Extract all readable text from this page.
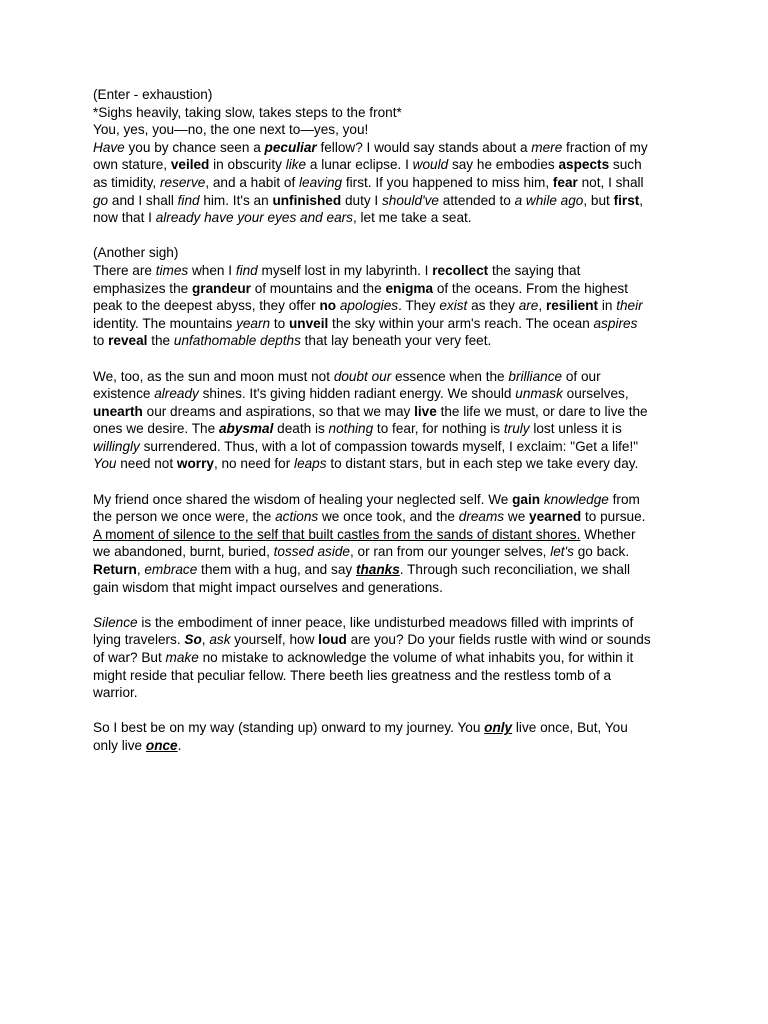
(Enter - exhaustion)
*Sighs heavily, taking slow, takes steps to the front*
You, yes, you—no, the one next to—yes, you!
Have you by chance seen a peculiar fellow? I would say stands about a mere fraction of my
own stature, veiled in obscurity like a lunar eclipse. I would say he embodies aspects such
as timidity, reserve, and a habit of leaving first. If you happened to miss him, fear not, I shall
go and I shall find him. It's an unfinished duty I should've attended to a while ago, but first,
now that I already have your eyes and ears, let me take a seat.
(Another sigh)
There are times when I find myself lost in my labyrinth. I recollect the saying that
emphasizes the grandeur of mountains and the enigma of the oceans. From the highest
peak to the deepest abyss, they offer no apologies. They exist as they are, resilient in their
identity. The mountains yearn to unveil the sky within your arm's reach. The ocean aspires
to reveal the unfathomable depths that lay beneath your very feet.
We, too, as the sun and moon must not doubt our essence when the brilliance of our
existence already shines. It's giving hidden radiant energy. We should unmask ourselves,
unearth our dreams and aspirations, so that we may live the life we must, or dare to live the
ones we desire. The abysmal death is nothing to fear, for nothing is truly lost unless it is
willingly surrendered. Thus, with a lot of compassion towards myself, I exclaim: "Get a life!"
You need not worry, no need for leaps to distant stars, but in each step we take every day.
My friend once shared the wisdom of healing your neglected self. We gain knowledge from
the person we once were, the actions we once took, and the dreams we yearned to pursue.
A moment of silence to the self that built castles from the sands of distant shores. Whether
we abandoned, burnt, buried, tossed aside, or ran from our younger selves, let's go back.
Return, embrace them with a hug, and say thanks. Through such reconciliation, we shall
gain wisdom that might impact ourselves and generations.
Silence is the embodiment of inner peace, like undisturbed meadows filled with imprints of
lying travelers. So, ask yourself, how loud are you? Do your fields rustle with wind or sounds
of war? But make no mistake to acknowledge the volume of what inhabits you, for within it
might reside that peculiar fellow. There beeth lies greatness and the restless tomb of a
warrior.
So I best be on my way (standing up) onward to my journey. You only live once, But, You
only live once.
